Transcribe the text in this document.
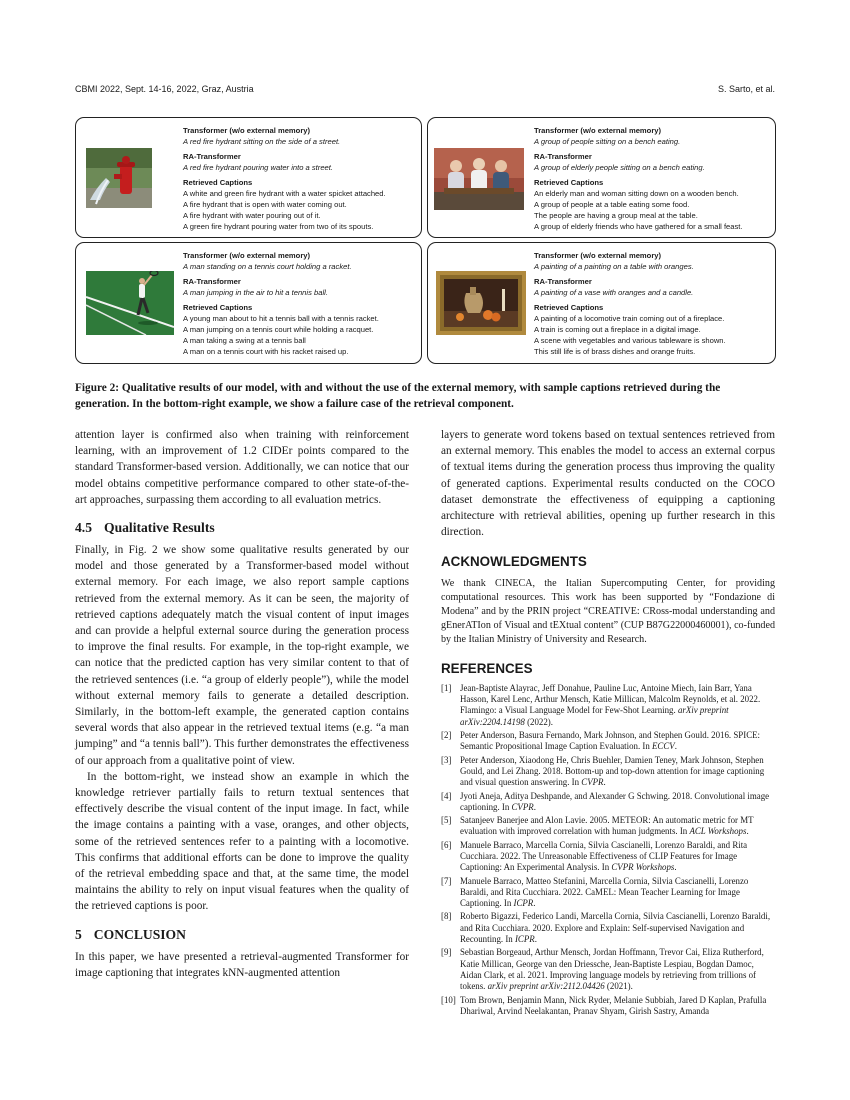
CBMI 2022, Sept. 14-16, 2022, Graz, Austria	S. Sarto, et al.
Transformer (w/o external memory)
A red fire hydrant sitting on the side of a street.
RA-Transformer
A red fire hydrant pouring water into a street.
Retrieved Captions
A white and green fire hydrant with a water spicket attached.
A fire hydrant that is open with water coming out.
A fire hydrant with water pouring out of it.
A green fire hydrant pouring water from two of its spouts.
Transformer (w/o external memory)
A group of people sitting on a bench eating.
RA-Transformer
A group of elderly people sitting on a bench eating.
Retrieved Captions
An elderly man and woman sitting down on a wooden bench.
A group of people at a table eating some food.
The people are having a group meal at the table.
A group of elderly friends who have gathered for a small feast.
Transformer (w/o external memory)
A man standing on a tennis court holding a racket.
RA-Transformer
A man jumping in the air to hit a tennis ball.
Retrieved Captions
A young man about to hit a tennis ball with a tennis racket.
A man jumping on a tennis court while holding a racquet.
A man taking a swing at a tennis ball
A man on a tennis court with his racket raised up.
Transformer (w/o external memory)
A painting of a painting on a table with oranges.
RA-Transformer
A painting of a vase with oranges and a candle.
Retrieved Captions
A painting of a locomotive train coming out of a fireplace.
A train is coming out a fireplace in a digital image.
A scene with vegetables and various tableware is shown.
This still life is of brass dishes and orange fruits.
Figure 2: Qualitative results of our model, with and without the use of the external memory, with sample captions retrieved during the generation. In the bottom-right example, we show a failure case of the retrieval component.

attention layer is confirmed also when training with reinforcement learning, with an improvement of 1.2 CIDEr points compared to the standard Transformer-based version. Additionally, we can notice that our model obtains competitive performance compared to other state-of-the-art approaches, surpassing them according to all evaluation metrics.

4.5 Qualitative Results

Finally, in Fig. 2 we show some qualitative results generated by our model and those generated by a Transformer-based model without external memory. For each image, we also report sample captions retrieved from the external memory. As it can be seen, the majority of retrieved captions adequately match the visual content of input images and can provide a helpful external source during the generation process to improve the final results. For example, in the top-right example, we can notice that the predicted caption has very similar content to that of the retrieved sentences (i.e. “a group of elderly people”), while the model without external memory fails to generate a detailed description. Similarly, in the bottom-left example, the generated caption contains several words that also appear in the retrieved textual items (e.g. “a man jumping” and “a tennis ball”). This further demonstrates the effectiveness of our approach from a qualitative point of view.

In the bottom-right, we instead show an example in which the knowledge retriever partially fails to return textual sentences that effectively describe the visual content of the input image. In fact, while the image contains a painting with a vase, oranges, and other objects, some of the retrieved sentences refer to a painting with a locomotive. This confirms that additional efforts can be done to improve the quality of the retrieval embedding space and that, at the same time, the model maintains the ability to rely on input visual features when the quality of the retrieved captions is poor.

5 CONCLUSION

In this paper, we have presented a retrieval-augmented Transformer for image captioning that integrates kNN-augmented attention

layers to generate word tokens based on textual sentences retrieved from an external memory. This enables the model to access an external corpus of textual items during the generation process thus improving the quality of generated captions. Experimental results conducted on the COCO dataset demonstrate the effectiveness of equipping a captioning architecture with retrieval abilities, opening up further research in this direction.

ACKNOWLEDGMENTS

We thank CINECA, the Italian Supercomputing Center, for providing computational resources. This work has been supported by “Fondazione di Modena” and by the PRIN project “CREATIVE: CRoss-modal understanding and gEnerATIon of Visual and tEXtual content” (CUP B87G22000460001), co-funded by the Italian Ministry of University and Research.

REFERENCES
[1] Jean-Baptiste Alayrac, Jeff Donahue, Pauline Luc, Antoine Miech, Iain Barr, Yana Hasson, Karel Lenc, Arthur Mensch, Katie Millican, Malcolm Reynolds, et al. 2022. Flamingo: a Visual Language Model for Few-Shot Learning. arXiv preprint arXiv:2204.14198 (2022).
[2] Peter Anderson, Basura Fernando, Mark Johnson, and Stephen Gould. 2016. SPICE: Semantic Propositional Image Caption Evaluation. In ECCV.
[3] Peter Anderson, Xiaodong He, Chris Buehler, Damien Teney, Mark Johnson, Stephen Gould, and Lei Zhang. 2018. Bottom-up and top-down attention for image captioning and visual question answering. In CVPR.
[4] Jyoti Aneja, Aditya Deshpande, and Alexander G Schwing. 2018. Convolutional image captioning. In CVPR.
[5] Satanjeev Banerjee and Alon Lavie. 2005. METEOR: An automatic metric for MT evaluation with improved correlation with human judgments. In ACL Workshops.
[6] Manuele Barraco, Marcella Cornia, Silvia Cascianelli, Lorenzo Baraldi, and Rita Cucchiara. 2022. The Unreasonable Effectiveness of CLIP Features for Image Captioning: An Experimental Analysis. In CVPR Workshops.
[7] Manuele Barraco, Matteo Stefanini, Marcella Cornia, Silvia Cascianelli, Lorenzo Baraldi, and Rita Cucchiara. 2022. CaMEL: Mean Teacher Learning for Image Captioning. In ICPR.
[8] Roberto Bigazzi, Federico Landi, Marcella Cornia, Silvia Cascianelli, Lorenzo Baraldi, and Rita Cucchiara. 2020. Explore and Explain: Self-supervised Navigation and Recounting. In ICPR.
[9] Sebastian Borgeaud, Arthur Mensch, Jordan Hoffmann, Trevor Cai, Eliza Rutherford, Katie Millican, George van den Driessche, Jean-Baptiste Lespiau, Bogdan Damoc, Aidan Clark, et al. 2021. Improving language models by retrieving from trillions of tokens. arXiv preprint arXiv:2112.04426 (2021).
[10] Tom Brown, Benjamin Mann, Nick Ryder, Melanie Subbiah, Jared D Kaplan, Prafulla Dhariwal, Arvind Neelakantan, Pranav Shyam, Girish Sastry, Amanda
